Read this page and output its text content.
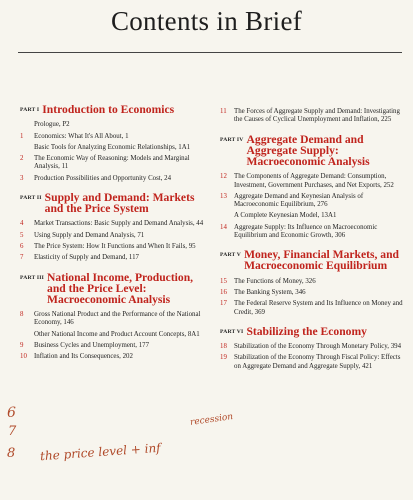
Contents in Brief
PART I Introduction to Economics
Prologue, P2
1	Economics: What It's All About, 1
Basic Tools for Analyzing Economic Relationships, 1A1
2	The Economic Way of Reasoning: Models and Marginal Analysis, 11
3	Production Possibilities and Opportunity Cost, 24
PART II Supply and Demand: Markets and the Price System
4	Market Transactions: Basic Supply and Demand Analysis, 44
5	Using Supply and Demand Analysis, 71
6	The Price System: How It Functions and When It Fails, 95
7	Elasticity of Supply and Demand, 117
PART III National Income, Production, and the Price Level: Macroeconomic Analysis
8	Gross National Product and the Performance of the National Economy, 146
Other National Income and Product Account Concepts, 8A1
9	Business Cycles and Unemployment, 177
10	Inflation and Its Consequences, 202
11	The Forces of Aggregate Supply and Demand: Investigating the Causes of Cyclical Unemployment and Inflation, 225
PART IV Aggregate Demand and Aggregate Supply: Macroeconomic Analysis
12	The Components of Aggregate Demand: Consumption, Investment, Government Purchases, and Net Exports, 252
13	Aggregate Demand and Keynesian Analysis of Macroeconomic Equilibrium, 276
A Complete Keynesian Model, 13A1
14	Aggregate Supply: Its Influence on Macroeconomic Equilibrium and Economic Growth, 306
PART V Money, Financial Markets, and Macroeconomic Equilibrium
15	The Functions of Money, 326
16	The Banking System, 346
17	The Federal Reserve System and Its Influence on Money and Credit, 369
PART VI Stabilizing the Economy
18	Stabilization of the Economy Through Monetary Policy, 394
19	Stabilization of the Economy Through Fiscal Policy: Effects on Aggregate Demand and Aggregate Supply, 421
6
7
8
recession
the price level + inf
